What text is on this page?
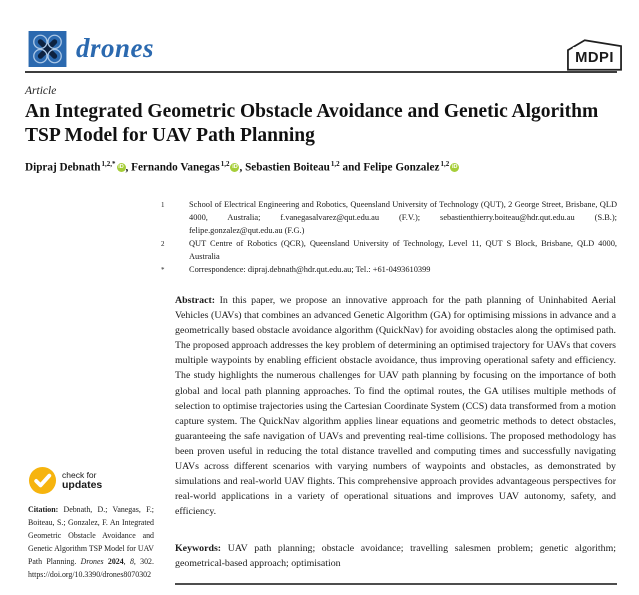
drones	MDPI
Article
An Integrated Geometric Obstacle Avoidance and Genetic Algorithm TSP Model for UAV Path Planning
Dipraj Debnath$^{1,2,*}$ iD , Fernando Vanegas$^{1,2}$ iD , Sebastien Boiteau$^{1,2}$ and Felipe Gonzalez$^{1,2}$ iD
1	School of Electrical Engineering and Robotics, Queensland University of Technology (QUT), 2 George Street, Brisbane, QLD 4000, Australia; f.vanegasalvarez@qut.edu.au (F.V.); sebastienthierry.boiteau@hdr.qut.edu.au (S.B.); felipe.gonzalez@qut.edu.au (F.G.)
2	QUT Centre of Robotics (QCR), Queensland University of Technology, Level 11, QUT S Block, Brisbane, QLD 4000, Australia
*	Correspondence: dipraj.debnath@hdr.qut.edu.au; Tel.: +61-0493610399

Abstract: In this paper, we propose an innovative approach for the path planning of Uninhabited Aerial Vehicles (UAVs) that combines an advanced Genetic Algorithm (GA) for optimising missions in advance and a geometrically based obstacle avoidance algorithm (QuickNav) for avoiding obstacles along the optimised path. The proposed approach addresses the key problem of determining an optimised trajectory for UAVs that covers multiple waypoints by enabling efficient obstacle avoidance, thus improving operational safety and efficiency. The study highlights the numerous challenges for UAV path planning by focusing on the importance of both global and local path planning approaches. To find the optimal routes, the GA utilises multiple methods of selection to optimise trajectories using the Cartesian Coordinate System (CCS) data transformed from a motion capture system. The QuickNav algorithm applies linear equations and geometric methods to detect obstacles, guaranteeing the safe navigation of UAVs and preventing real-time collisions. The proposed methodology has been proven useful in reducing the total distance travelled and computing times and successfully navigating UAVs across different scenarios with varying numbers of waypoints and obstacles, as demonstrated by simulations and real-world UAV flights. This comprehensive approach provides advantageous perspectives for real-world applications in a variety of operational situations and improves UAV autonomy, safety, and efficiency.

Keywords: UAV path planning; obstacle avoidance; travelling salesmen problem; genetic algorithm; geometrical-based approach; optimisation

check for
updates

Citation: Debnath, D.; Vanegas, F.; Boiteau, S.; Gonzalez, F. An Integrated Geometric Obstacle Avoidance and Genetic Algorithm TSP Model for UAV Path Planning. Drones 2024, 8, 302. https://doi.org/10.3390/drones8070302
